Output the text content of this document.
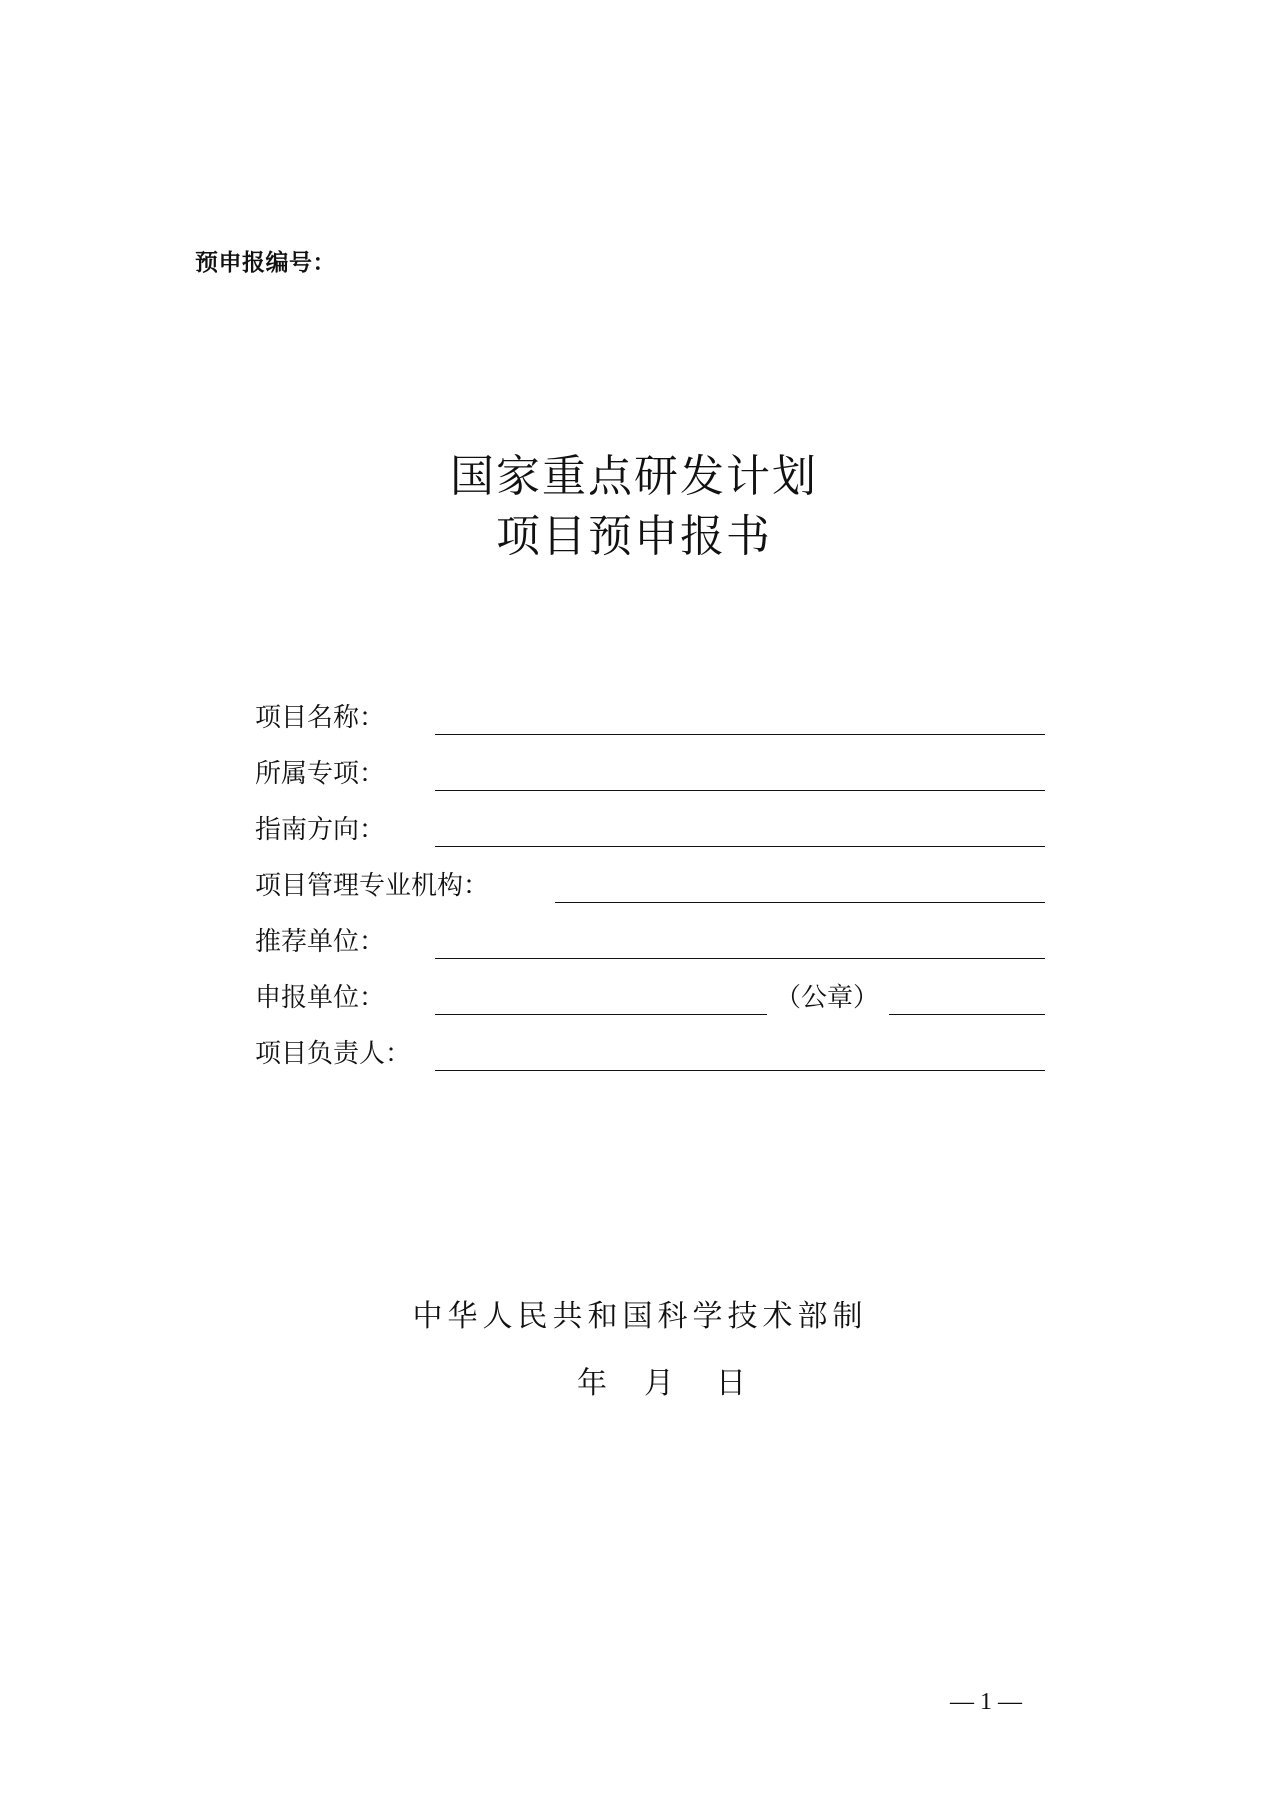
预申报编号：
国家重点研发计划
项目预申报书
项目名称：
所属专项：
指南方向：
项目管理专业机构：
推荐单位：
申报单位：	（公章）
项目负责人：
中华人民共和国科学技术部制
年 月 日
— 1 —
